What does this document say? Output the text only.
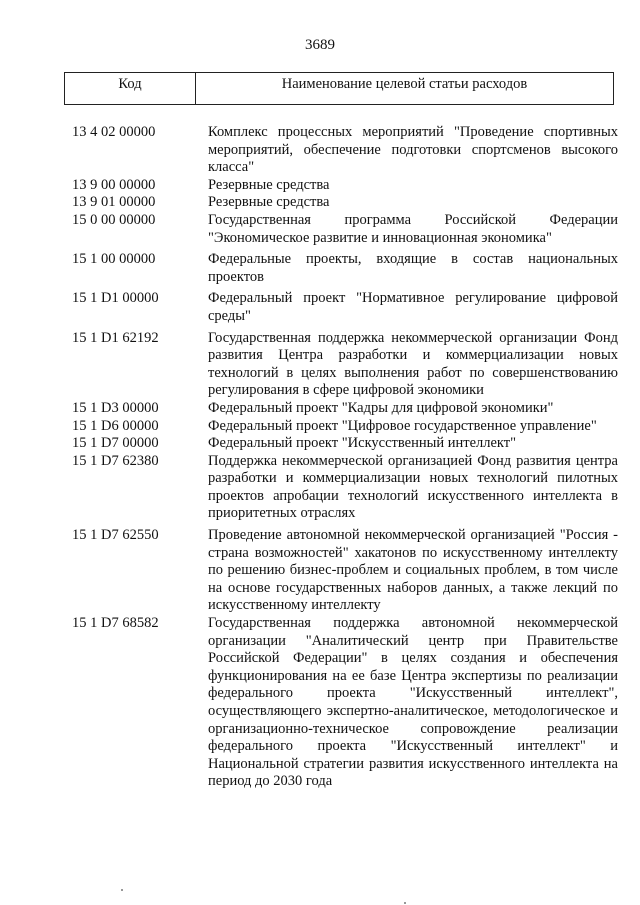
3689
Код	Наименование целевой статьи расходов
13 4 02 00000	Комплекс процессных мероприятий "Проведение спортивных мероприятий, обеспечение подготовки спортсменов высокого класса"
13 9 00 00000	Резервные средства
13 9 01 00000	Резервные средства
15 0 00 00000	Государственная программа Российской Федерации "Экономическое развитие и инновационная экономика"
15 1 00 00000	Федеральные проекты, входящие в состав национальных проектов
15 1 D1 00000	Федеральный проект "Нормативное регулирование цифровой среды"
15 1 D1 62192	Государственная поддержка некоммерческой организации Фонд развития Центра разработки и коммерциализации новых технологий в целях выполнения работ по совершенствованию регулирования в сфере цифровой экономики
15 1 D3 00000	Федеральный проект "Кадры для цифровой экономики"
15 1 D6 00000	Федеральный проект "Цифровое государственное управление"
15 1 D7 00000	Федеральный проект "Искусственный интеллект"
15 1 D7 62380	Поддержка некоммерческой организацией Фонд развития центра разработки и коммерциализации новых технологий пилотных проектов апробации технологий искусственного интеллекта в приоритетных отраслях
15 1 D7 62550	Проведение автономной некоммерческой организацией "Россия - страна возможностей" хакатонов по искусственному интеллекту по решению бизнес-проблем и социальных проблем, в том числе на основе государственных наборов данных, а также лекций по искусственному интеллекту
15 1 D7 68582	Государственная поддержка автономной некоммерческой организации "Аналитический центр при Правительстве Российской Федерации" в целях создания и обеспечения функционирования на ее базе Центра экспертизы по реализации федерального проекта "Искусственный интеллект", осуществляющего экспертно-аналитическое, методологическое и организационно-техническое сопровождение реализации федерального проекта "Искусственный интеллект" и Национальной стратегии развития искусственного интеллекта на период до 2030 года
